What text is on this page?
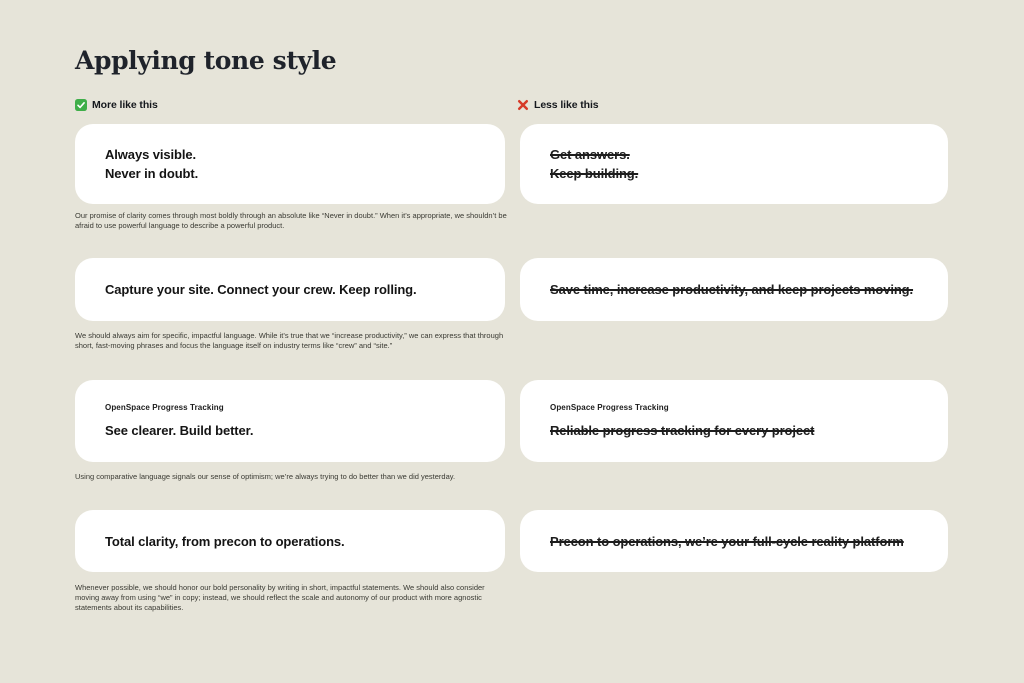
Applying tone style
More like this	Less like this
Always visible.
Never in doubt.
Get answers.
Keep building.

Our promise of clarity comes through most boldly through an absolute like “Never in doubt.” When it’s appropriate, we shouldn’t be afraid to use powerful language to describe a powerful product.

Capture your site. Connect your crew. Keep rolling.	Save time, increase productivity, and keep projects moving.

We should always aim for specific, impactful language. While it’s true that we “increase productivity,” we can express that through short, fast-moving phrases and focus the language itself on industry terms like “crew” and “site.”

OpenSpace Progress Tracking
See clearer. Build better.
OpenSpace Progress Tracking
Reliable progress tracking for every project

Using comparative language signals our sense of optimism; we’re always trying to do better than we did yesterday.

Total clarity, from precon to operations.	Precon to operations, we’re your full-cycle reality platform

Whenever possible, we should honor our bold personality by writing in short, impactful statements. We should also consider moving away from using “we” in copy; instead, we should reflect the scale and autonomy of our product with more agnostic statements about its capabilities.
